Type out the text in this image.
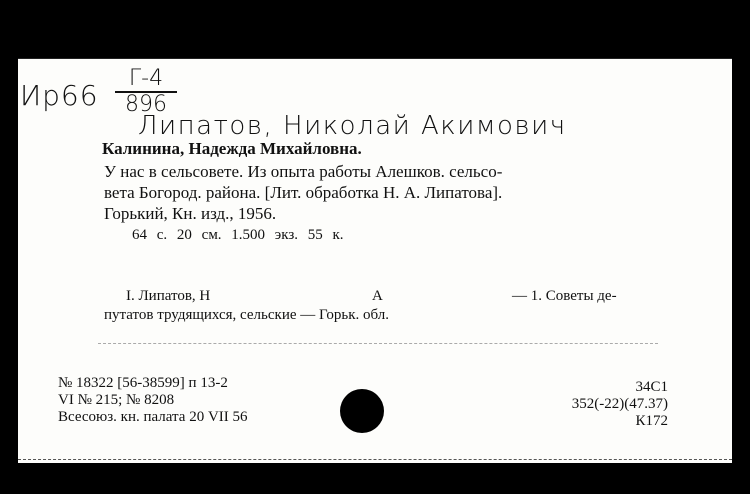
Ир66
Г-4
896
Липатов, Николай Акимович
Калинина, Надежда Михайловна.
У нас в сельсовете. Из опыта работы Алешков. сельсо-
вета Богород. района. [Лит. обработка Н. А. Липатова].
Горький, Кн. изд., 1956.
64 с. 20 см. 1.500 экз. 55 к.
I. Липатов, Н	А	— 1. Советы де-
путатов трудящихся, сельские — Горьк. обл.
№ 18322 [56-38599] п 13-2
VI № 215; № 8208
Всесоюз. кн. палата 20 VII 56
34С1
352(-22)(47.37)
К172
